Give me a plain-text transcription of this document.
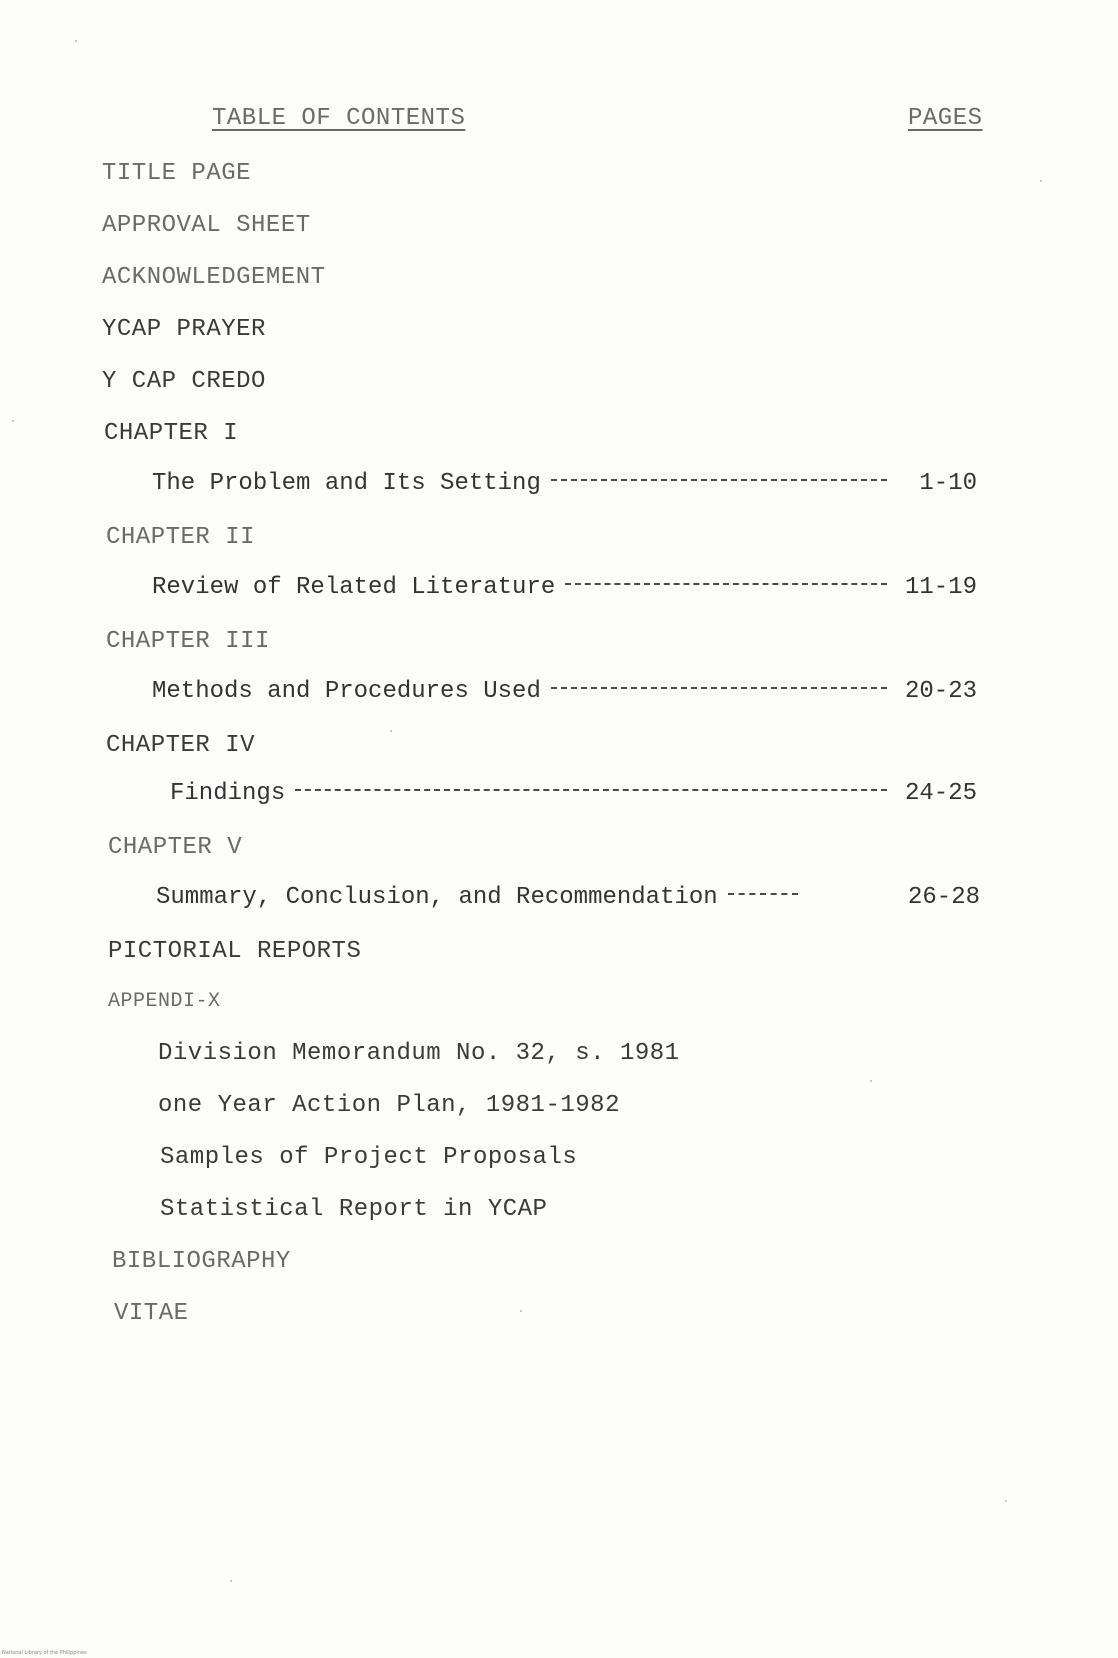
TABLE OF CONTENTS	PAGES
TITLE PAGE
APPROVAL SHEET
ACKNOWLEDGEMENT
YCAP PRAYER
Y CAP CREDO
CHAPTER I
The Problem and Its Setting	1-10
CHAPTER II
Review of Related Literature	11-19
CHAPTER III
Methods and Procedures Used	20-23
CHAPTER IV
Findings	24-25
CHAPTER V
Summary, Conclusion, and Recommendation	26-28
PICTORIAL REPORTS
APPENDI-X
Division Memorandum No. 32, s. 1981
one Year Action Plan, 1981-1982
Samples of Project Proposals
Statistical Report in YCAP
BIBLIOGRAPHY
VITAE
National Library of the Philippines
